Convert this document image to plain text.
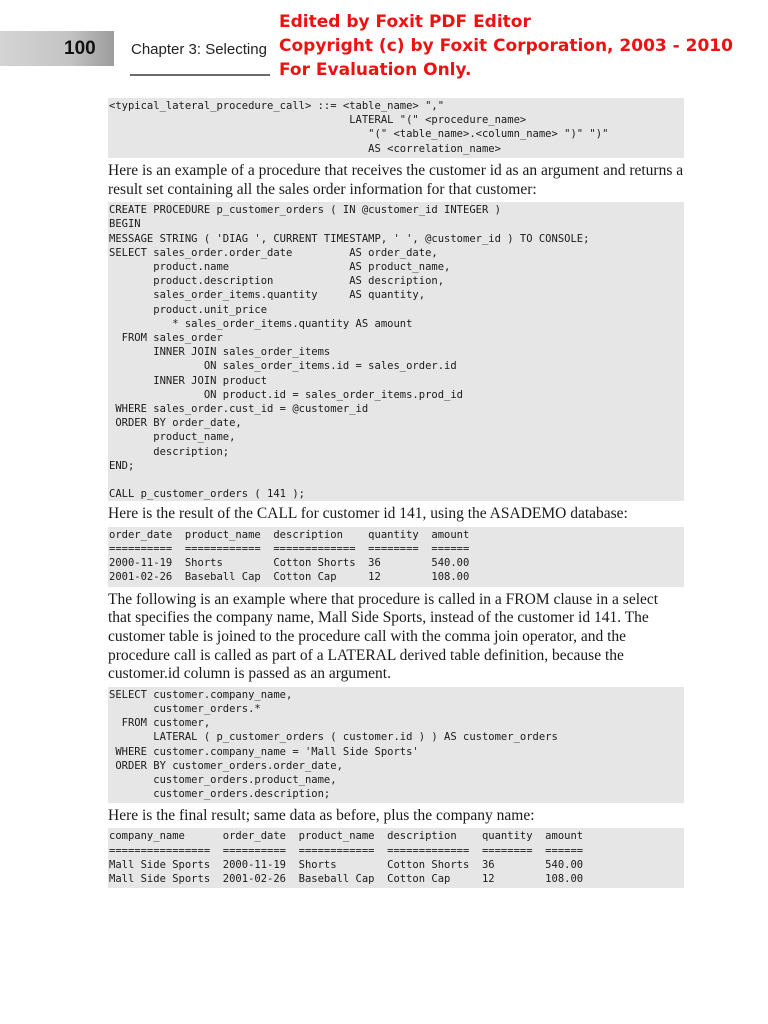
100 Chapter 3: Selecting
Edited by Foxit PDF Editor
Copyright (c) by Foxit Corporation, 2003 - 2010
For Evaluation Only.
<typical_lateral_procedure_call> ::= <table_name> ","
LATERAL "(" <procedure_name>
"(" <table_name>.<column_name> ")" ")"
AS <correlation_name>

Here is an example of a procedure that receives the customer id as an argument and returns a result set containing all the sales order information for that customer:

CREATE PROCEDURE p_customer_orders ( IN @customer_id INTEGER )
BEGIN
MESSAGE STRING ( 'DIAG ', CURRENT TIMESTAMP, ' ', @customer_id ) TO CONSOLE;
SELECT sales_order.order_date         AS order_date,
product.name                   AS product_name,
product.description            AS description,
sales_order_items.quantity     AS quantity,
product.unit_price
* sales_order_items.quantity AS amount
FROM sales_order
INNER JOIN sales_order_items
ON sales_order_items.id = sales_order.id
INNER JOIN product
ON product.id = sales_order_items.prod_id
WHERE sales_order.cust_id = @customer_id
ORDER BY order_date,
product_name,
description;
END;

CALL p_customer_orders ( 141 );

Here is the result of the CALL for customer id 141, using the ASADEMO database:

order_date  product_name  description    quantity  amount
==========  ============  =============  ========  ======
2000-11-19  Shorts        Cotton Shorts  36        540.00
2001-02-26  Baseball Cap  Cotton Cap     12        108.00

The following is an example where that procedure is called in a FROM clause in a select that specifies the company name, Mall Side Sports, instead of the customer id 141. The customer table is joined to the procedure call with the comma join operator, and the procedure call is called as part of a LATERAL derived table definition, because the customer.id column is passed as an argument.

SELECT customer.company_name,
customer_orders.*
FROM customer,
LATERAL ( p_customer_orders ( customer.id ) ) AS customer_orders
WHERE customer.company_name = 'Mall Side Sports'
ORDER BY customer_orders.order_date,
customer_orders.product_name,
customer_orders.description;

Here is the final result; same data as before, plus the company name:

company_name      order_date  product_name  description    quantity  amount
================  ==========  ============  =============  ========  ======
Mall Side Sports  2000-11-19  Shorts        Cotton Shorts  36        540.00
Mall Side Sports  2001-02-26  Baseball Cap  Cotton Cap     12        108.00
